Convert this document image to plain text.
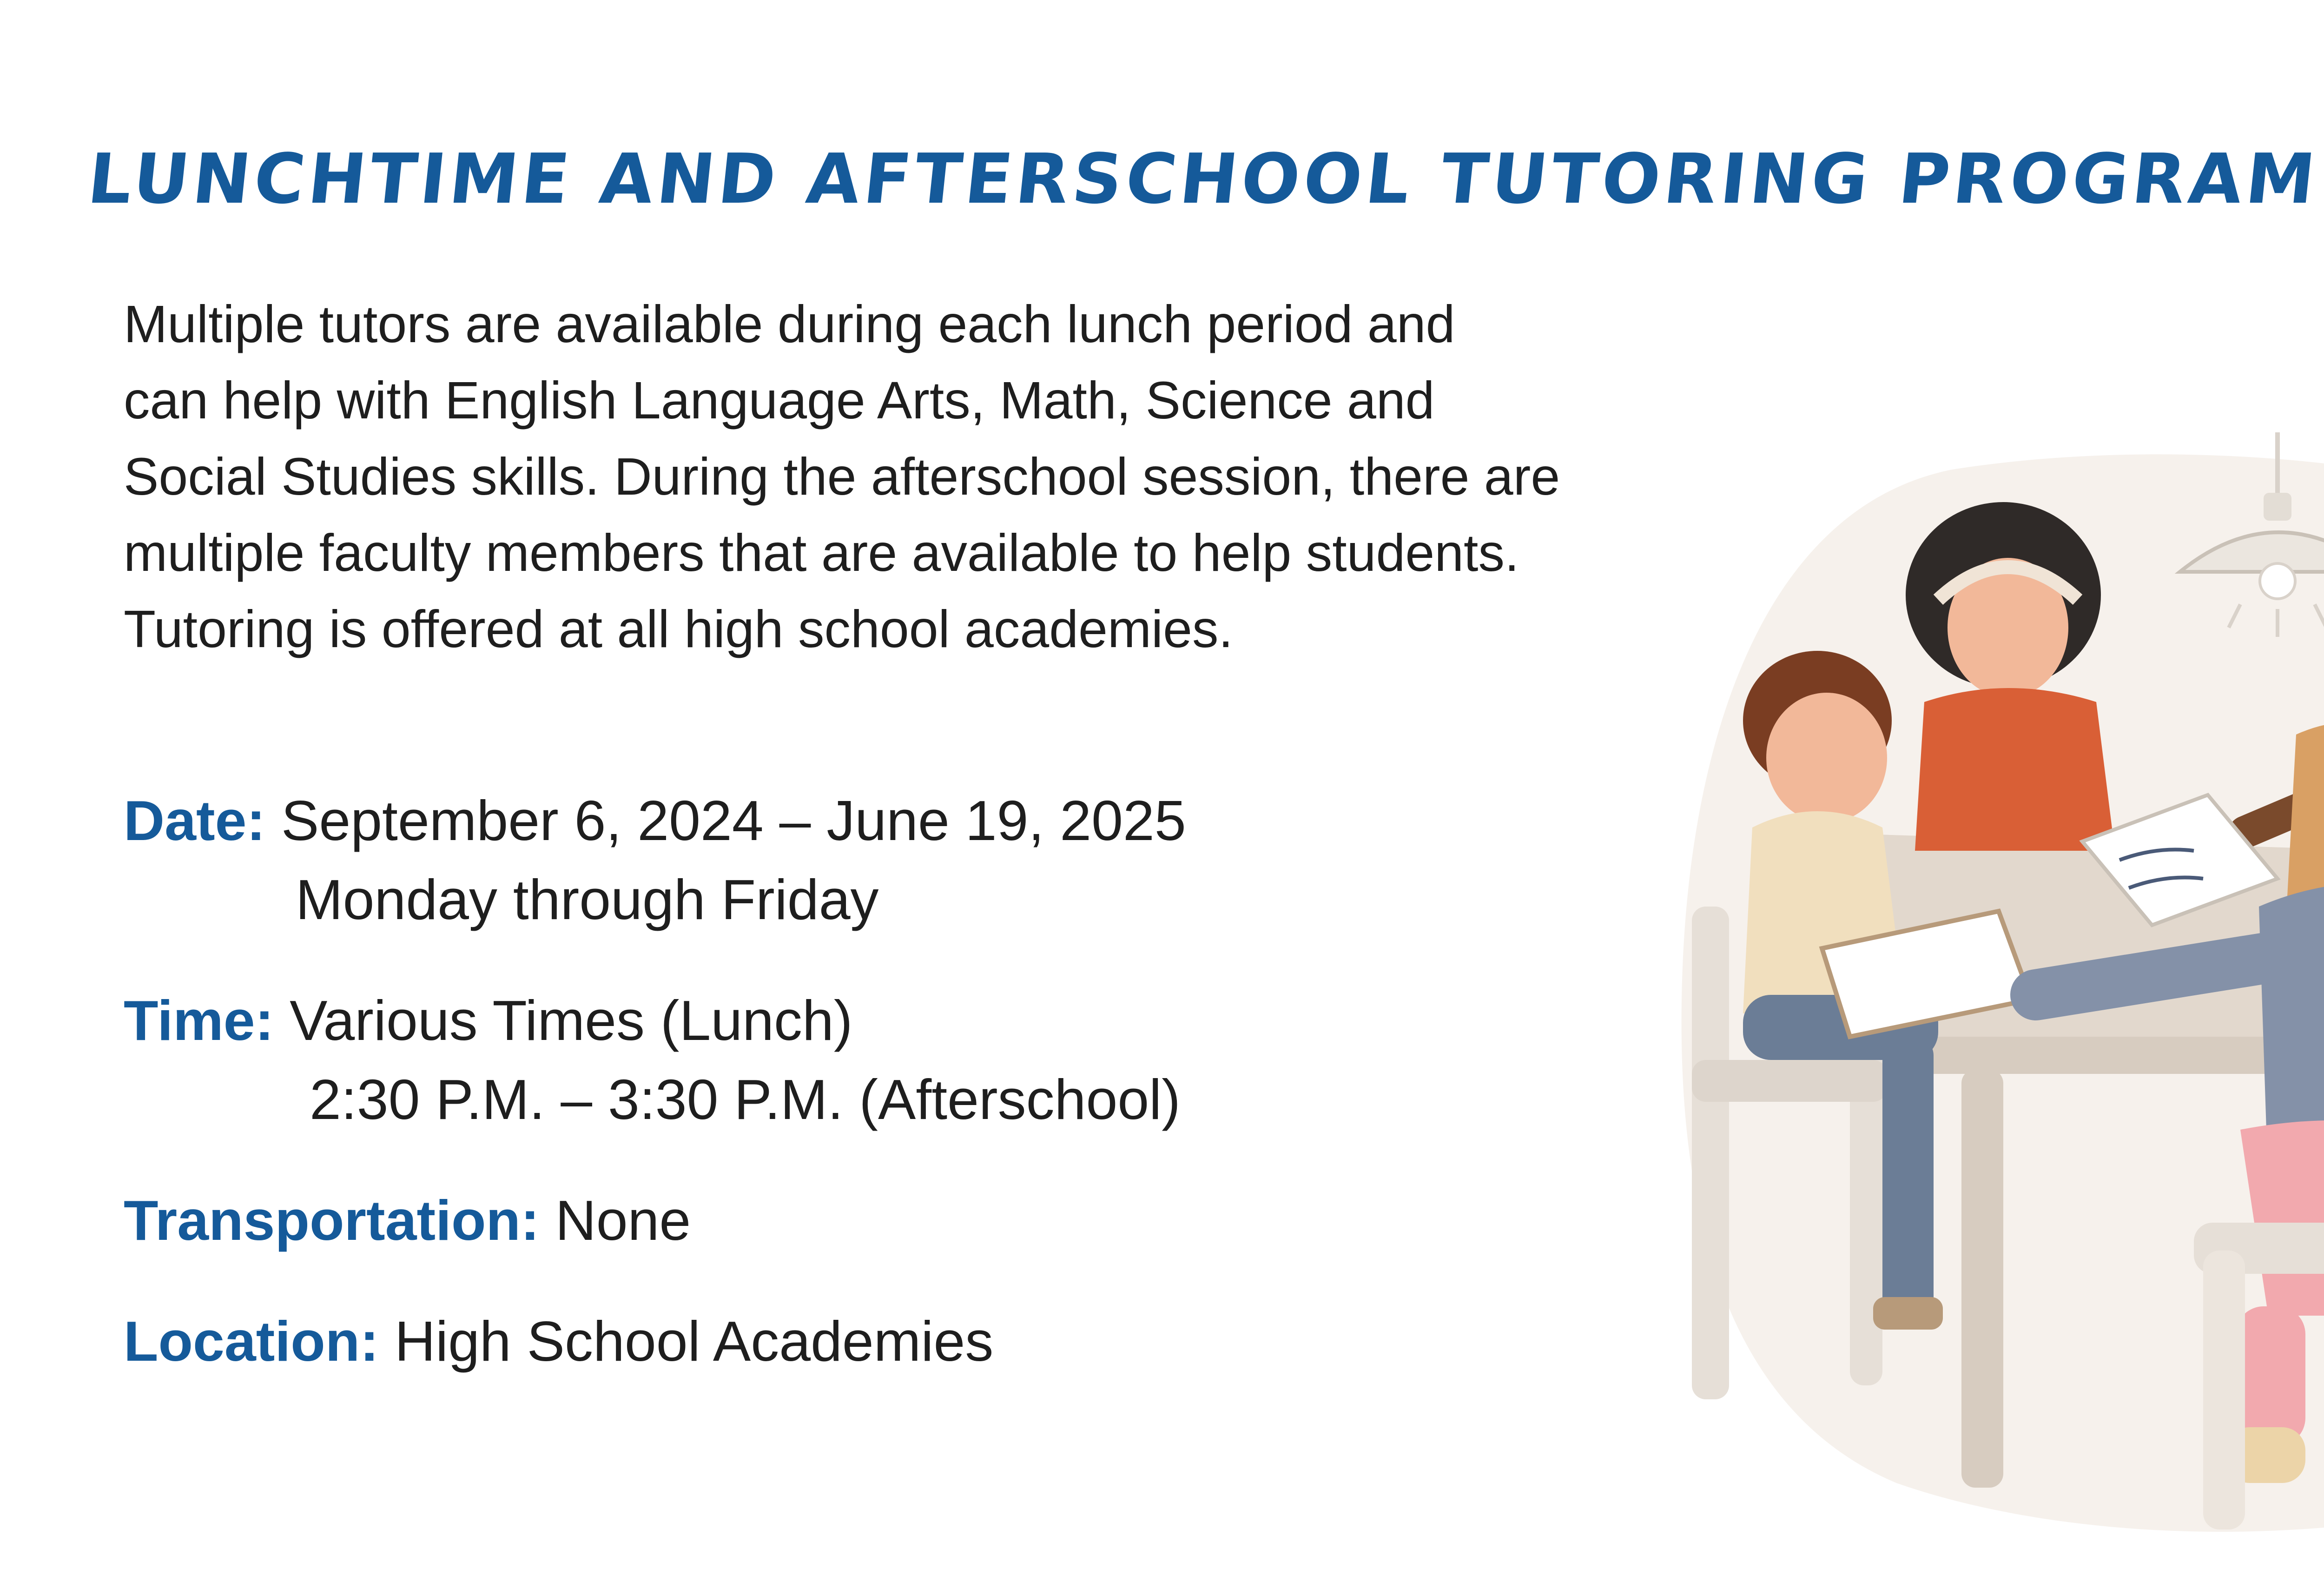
LUNCHTIME AND AFTERSCHOOL TUTORING PROGRAM
Multiple tutors are available during each lunch period and
can help with English Language Arts, Math, Science and
Social Studies skills. During the afterschool session, there are
multiple faculty members that are available to help students.
Tutoring is offered at all high school academies.
Date: September 6, 2024 – June 19, 2025
Monday through Friday
Time: Various Times (Lunch)
2:30 P.M. – 3:30 P.M. (Afterschool)
Transportation: None
Location: High School Academies
